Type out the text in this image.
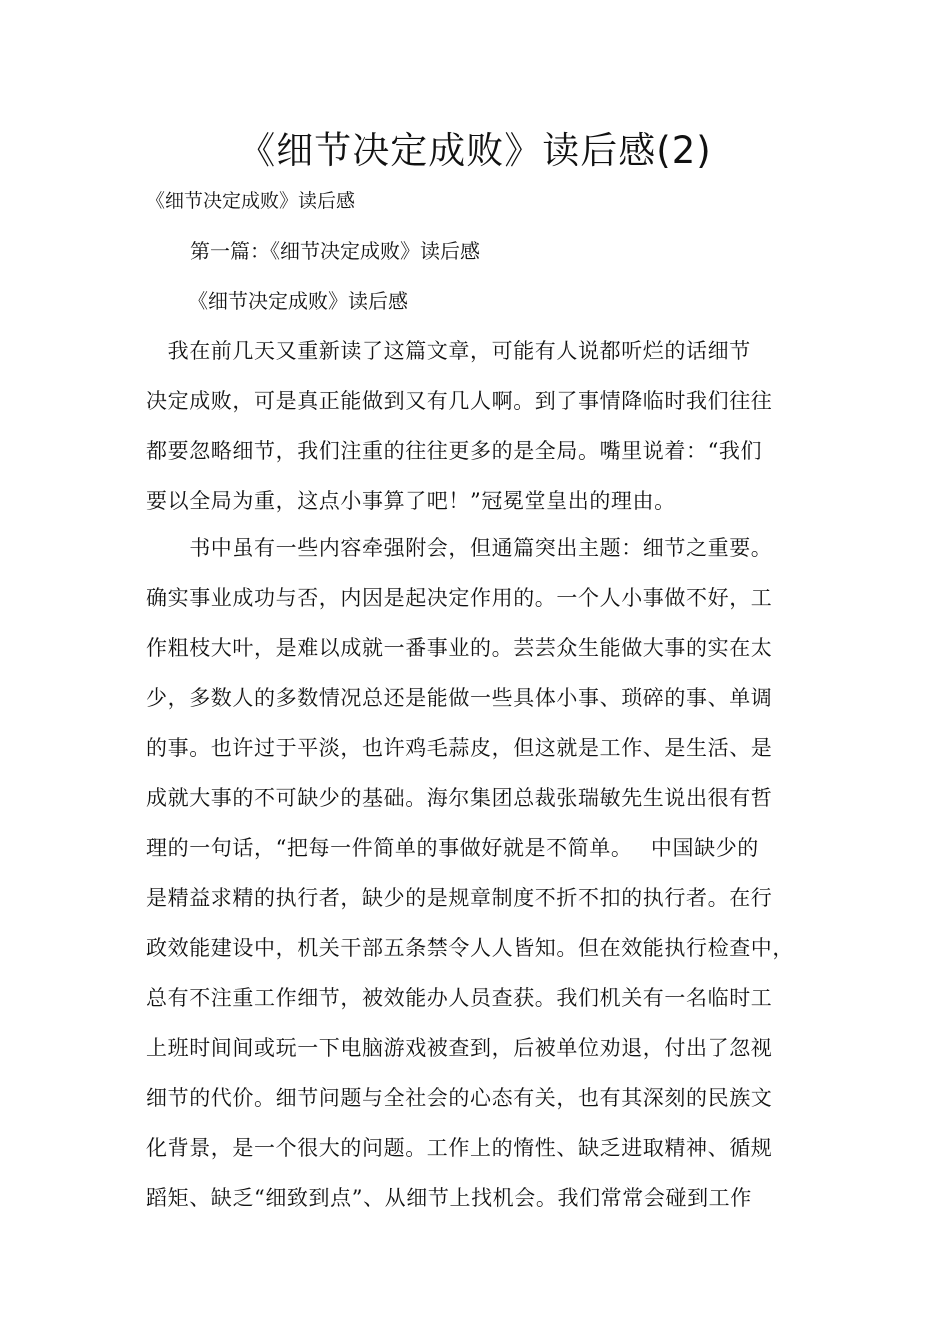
《细节决定成败》读后感(2)

《细节决定成败》读后感

第一篇：《细节决定成败》读后感

《细节决定成败》读后感

　我在前几天又重新读了这篇文章，可能有人说都听烂的话细节
决定成败，可是真正能做到又有几人啊。到了事情降临时我们往往
都要忽略细节，我们注重的往往更多的是全局。嘴里说着：“我们
要以全局为重，这点小事算了吧！”冠冕堂皇出的理由。
　　书中虽有一些内容牵强附会，但通篇突出主题：细节之重要。
确实事业成功与否，内因是起决定作用的。一个人小事做不好，工
作粗枝大叶，是难以成就一番事业的。芸芸众生能做大事的实在太
少，多数人的多数情况总还是能做一些具体小事、琐碎的事、单调
的事。也许过于平淡，也许鸡毛蒜皮，但这就是工作、是生活、是
成就大事的不可缺少的基础。海尔集团总裁张瑞敏先生说出很有哲
理的一句话，“把每一件简单的事做好就是不简单。　 中国缺少的
是精益求精的执行者，缺少的是规章制度不折不扣的执行者。在行
政效能建设中，机关干部五条禁令人人皆知。但在效能执行检查中，
总有不注重工作细节，被效能办人员查获。我们机关有一名临时工
上班时间间或玩一下电脑游戏被查到，后被单位劝退，付出了忽视
细节的代价。细节问题与全社会的心态有关，也有其深刻的民族文
化背景，是一个很大的问题。工作上的惰性、缺乏进取精神、循规
蹈矩、缺乏“细致到点”、从细节上找机会。我们常常会碰到工作
